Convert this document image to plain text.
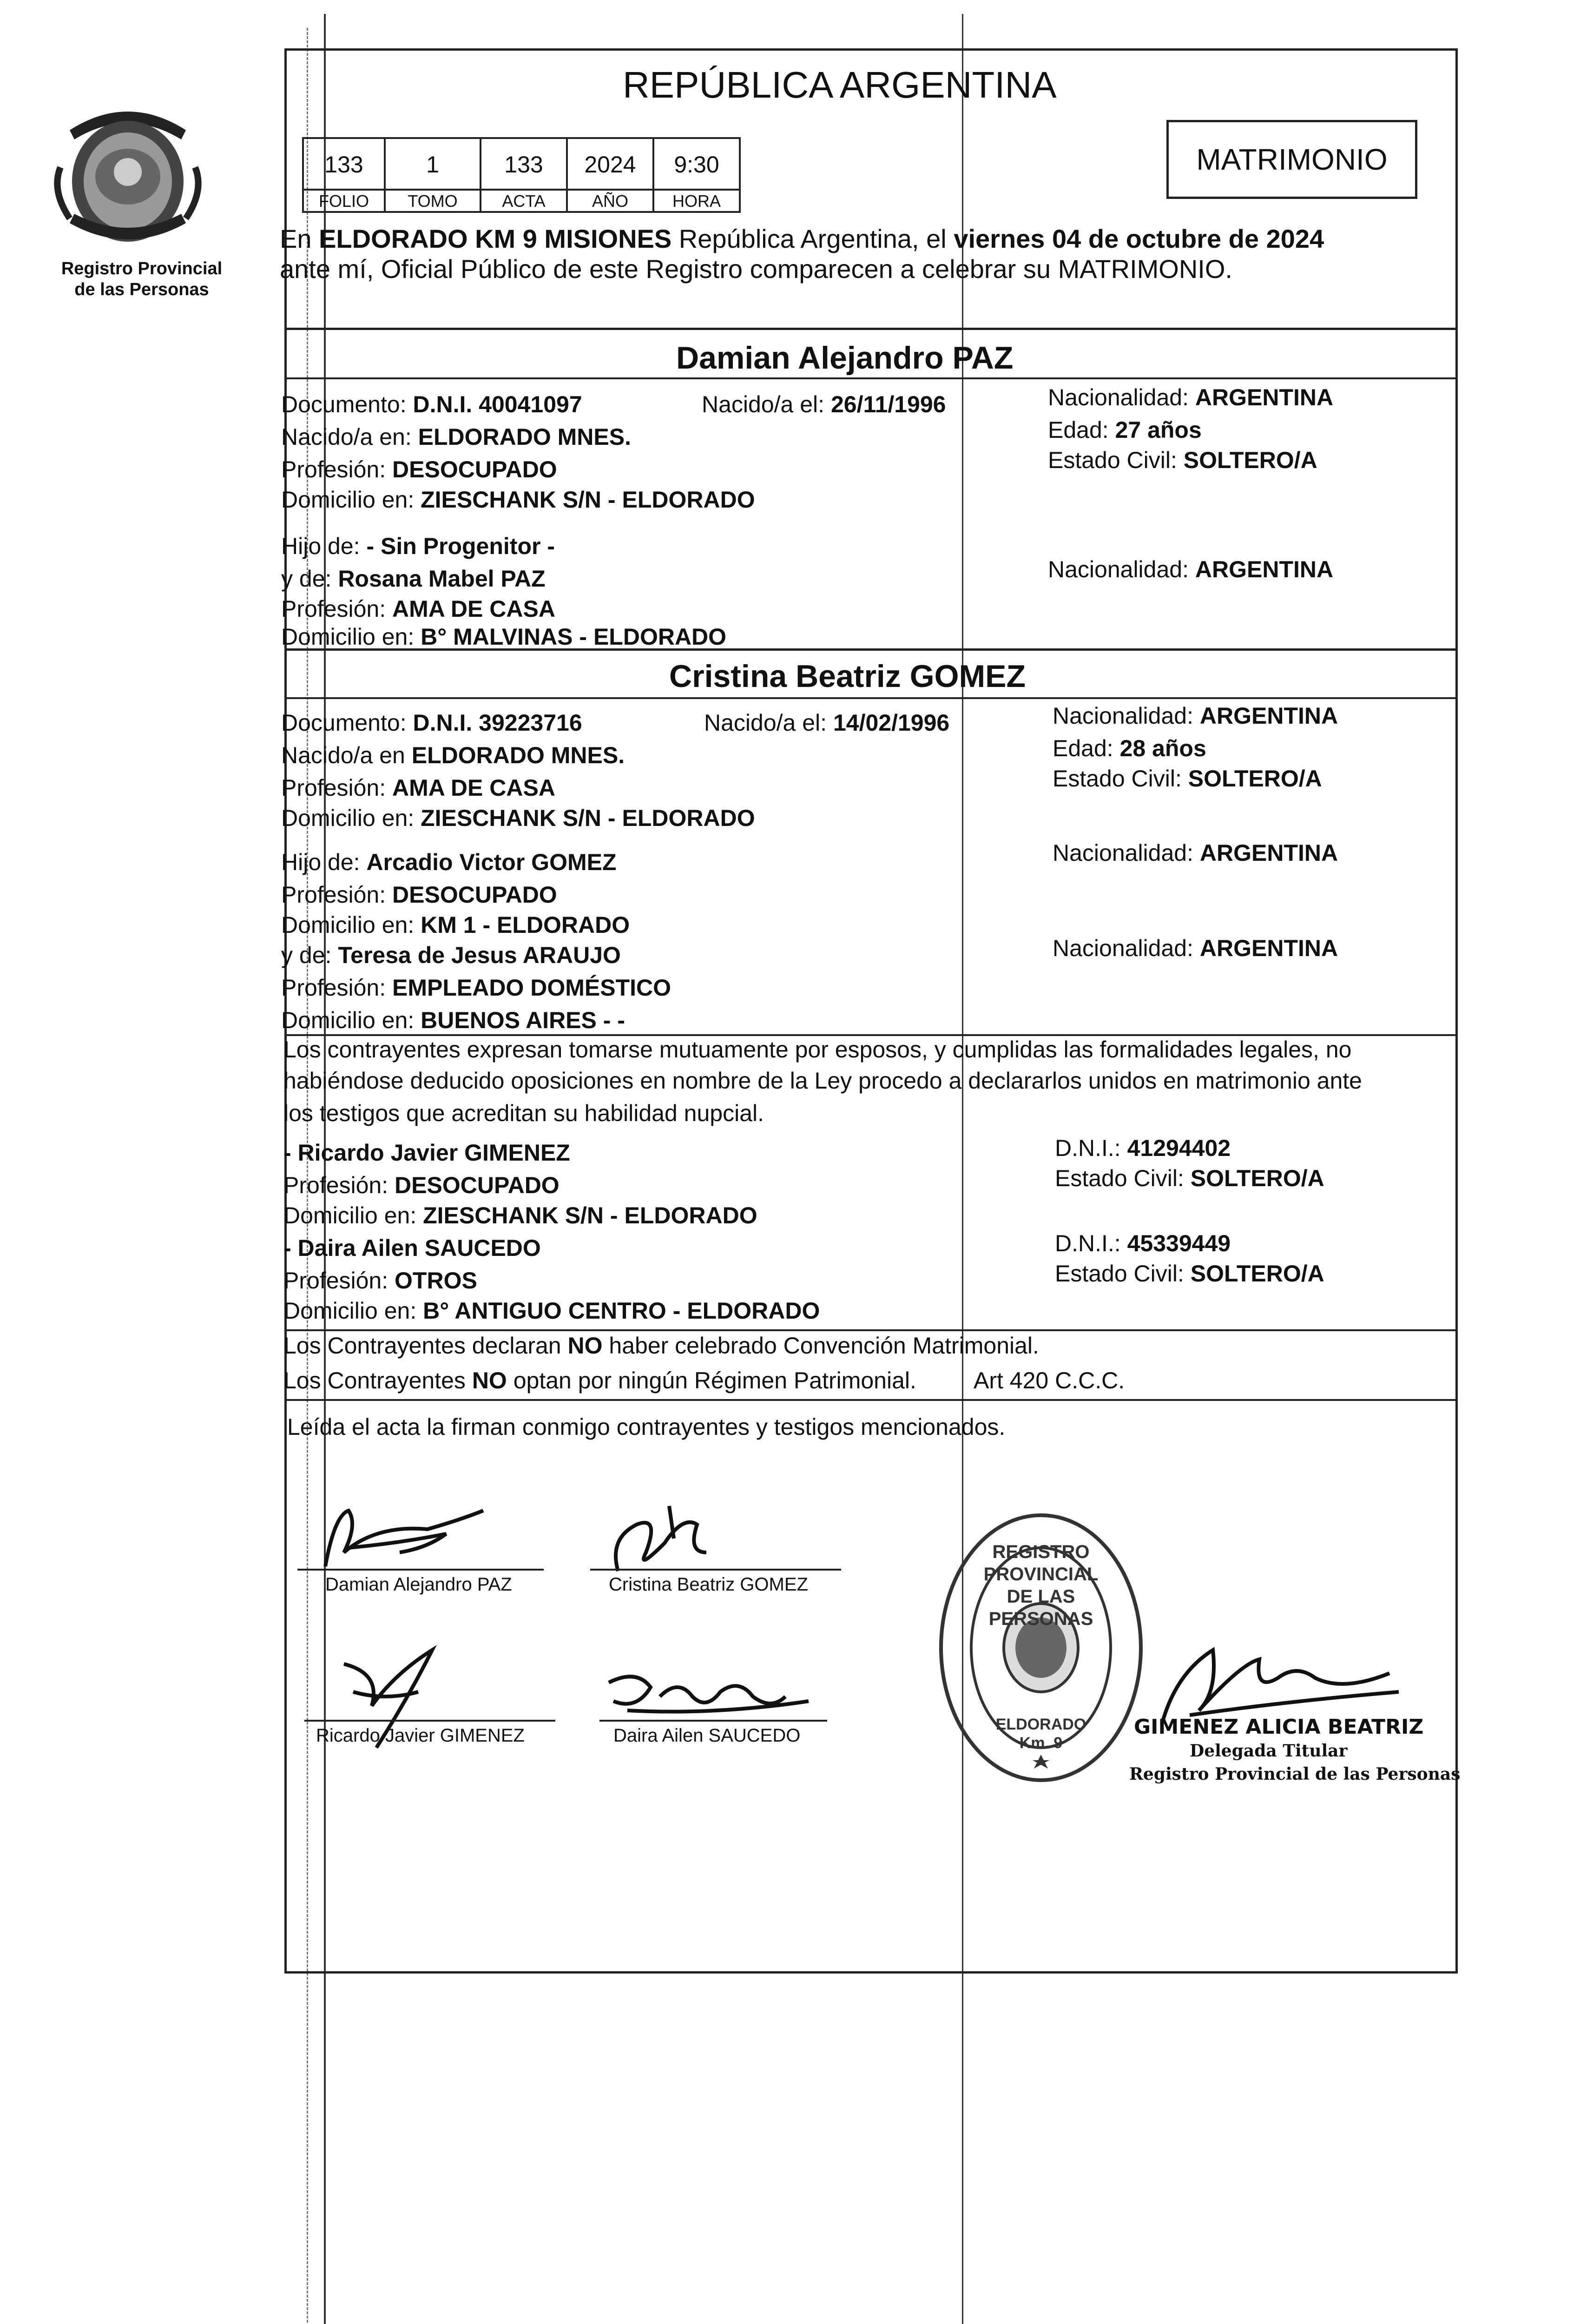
Registro Provincial
de las Personas
REPÚBLICA ARGENTINA
133	1	133	2024	9:30
FOLIO	TOMO	ACTA	AÑO	HORA
MATRIMONIO
En ELDORADO KM 9 MISIONES República Argentina, el viernes 04 de octubre de 2024
ante mí, Oficial Público de este Registro comparecen a celebrar su MATRIMONIO.
Damian Alejandro PAZ
Documento: D.N.I. 40041097	Nacido/a el: 26/11/1996	Nacionalidad: ARGENTINA
Nacido/a en: ELDORADO MNES.	Edad: 27 años
Profesión: DESOCUPADO	Estado Civil: SOLTERO/A
Domicilio en: ZIESCHANK S/N - ELDORADO
Hijo de: - Sin Progenitor -
y de: Rosana Mabel PAZ	Nacionalidad: ARGENTINA
Profesión: AMA DE CASA
Domicilio en: B° MALVINAS - ELDORADO
Cristina Beatriz GOMEZ
Documento: D.N.I. 39223716	Nacido/a el: 14/02/1996	Nacionalidad: ARGENTINA
Nacido/a en ELDORADO MNES.	Edad: 28 años
Profesión: AMA DE CASA	Estado Civil: SOLTERO/A
Domicilio en: ZIESCHANK S/N - ELDORADO
Hijo de: Arcadio Victor GOMEZ	Nacionalidad: ARGENTINA
Profesión: DESOCUPADO
Domicilio en: KM 1 - ELDORADO
y de: Teresa de Jesus ARAUJO	Nacionalidad: ARGENTINA
Profesión: EMPLEADO DOMÉSTICO
Domicilio en: BUENOS AIRES - -
Los contrayentes expresan tomarse mutuamente por esposos, y cumplidas las formalidades legales, no
habiéndose deducido oposiciones en nombre de la Ley procedo a declararlos unidos en matrimonio ante
los testigos que acreditan su habilidad nupcial.
- Ricardo Javier GIMENEZ	D.N.I.: 41294402
Profesión: DESOCUPADO	Estado Civil: SOLTERO/A
Domicilio en: ZIESCHANK S/N - ELDORADO
- Daira Ailen SAUCEDO	D.N.I.: 45339449
Profesión: OTROS	Estado Civil: SOLTERO/A
Domicilio en: B° ANTIGUO CENTRO - ELDORADO
Los Contrayentes declaran NO haber celebrado Convención Matrimonial.
Los Contrayentes NO optan por ningún Régimen Patrimonial. Art 420 C.C.C.
Leída el acta la firman conmigo contrayentes y testigos mencionados.
Damian Alejandro PAZ	Cristina Beatriz GOMEZ
Ricardo Javier GIMENEZ	Daira Ailen SAUCEDO
REGISTRO PROVINCIAL DE LAS PERSONAS
ELDORADO Km. 9
GIMENEZ ALICIA BEATRIZ
Delegada Titular
Registro Provincial de las Personas
